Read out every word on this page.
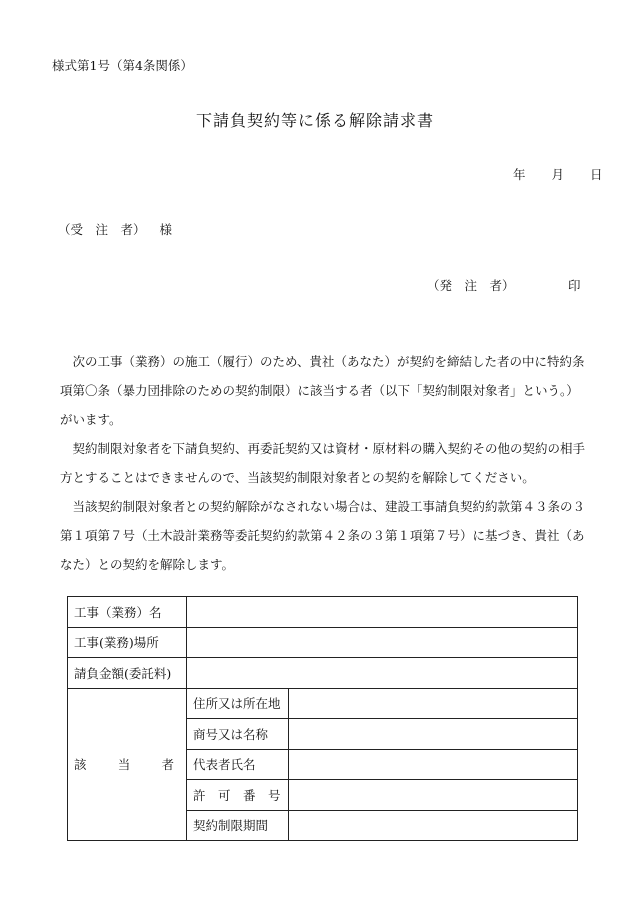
様式第1号（第4条関係）
下請負契約等に係る解除請求書
年 月 日
（受　注　者） 様
（発　注　者）	印

次の工事（業務）の施工（履行）のため、貴社（あなた）が契約を締結した者の中に特約条項第〇条（暴力団排除のための契約制限）に該当する者（以下「契約制限対象者」という。）がいます。

契約制限対象者を下請負契約、再委託契約又は資材・原材料の購入契約その他の契約の相手方とすることはできませんので、当該契約制限対象者との契約を解除してください。

当該契約制限対象者との契約解除がなされない場合は、建設工事請負契約約款第４３条の３第１項第７号（土木設計業務等委託契約約款第４２条の３第１項第７号）に基づき、貴社（あなた）との契約を解除します。

工事（業務）名		
工事(業務)場所		
請負金額(委託料)		

該 当 者	住所又は所在地	
	商号又は名称	
	代表者氏名	
	許　可　番　号	
	契約制限期間	
